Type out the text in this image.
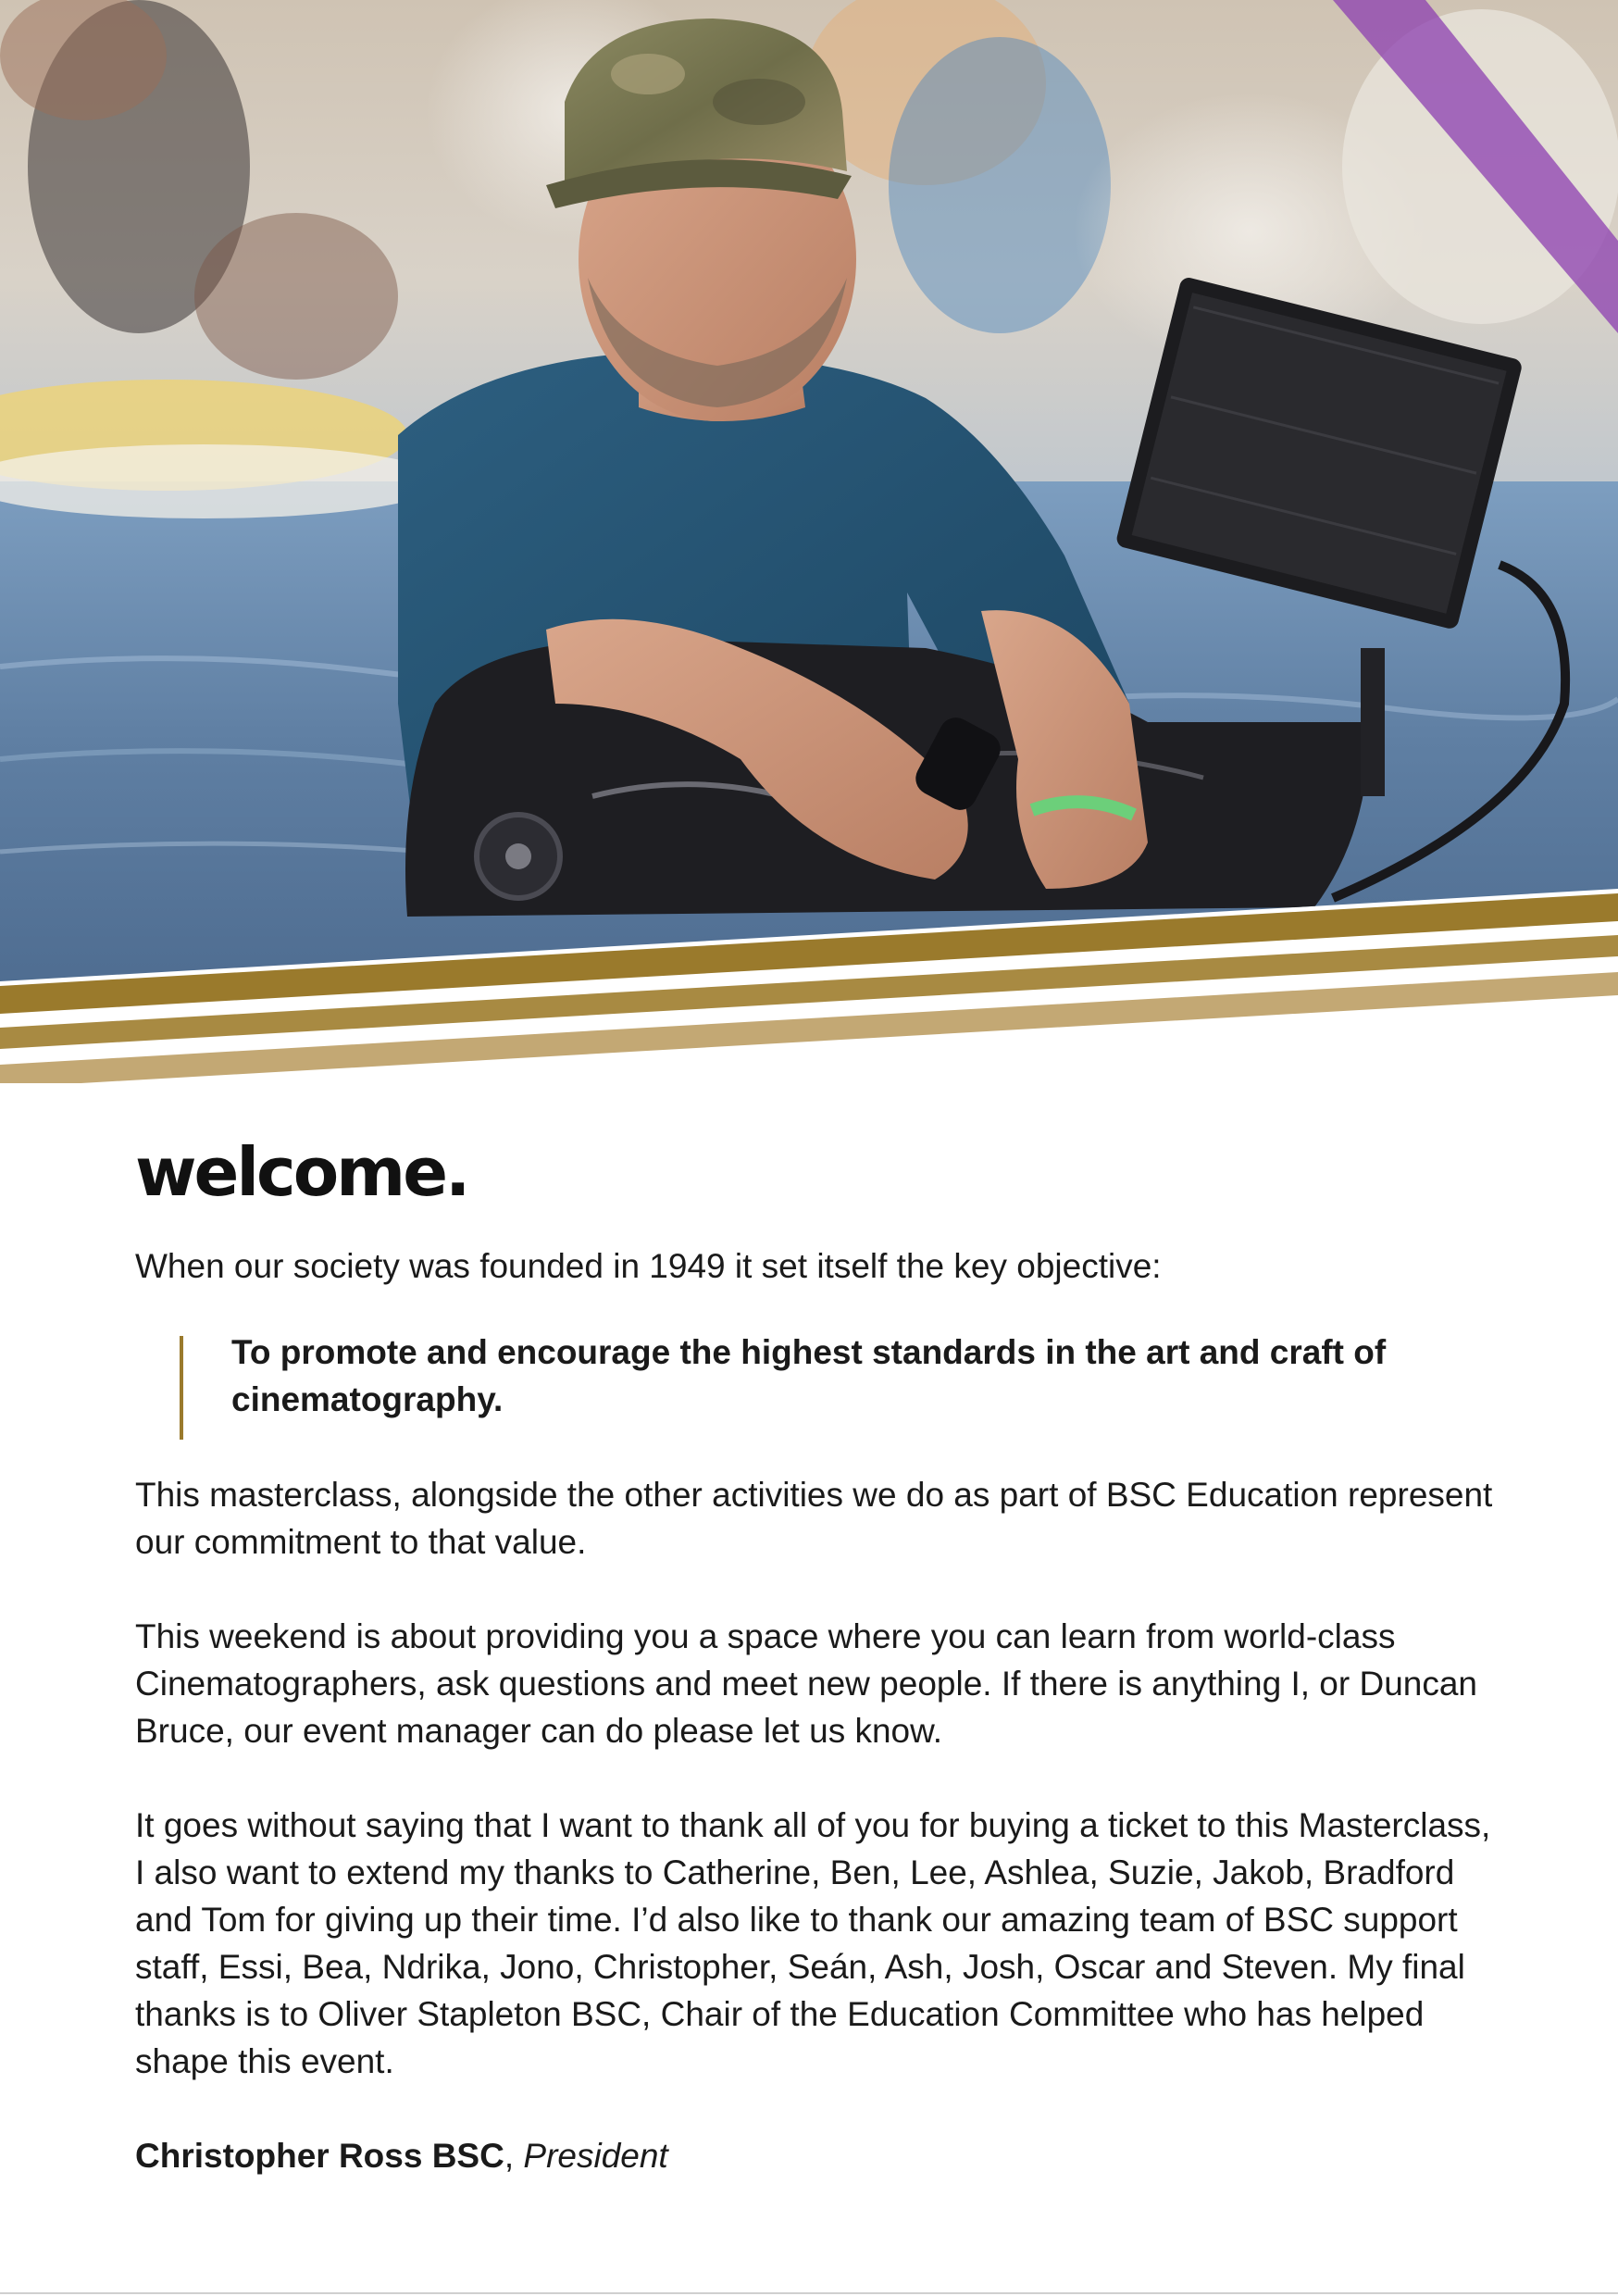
welcome.

When our society was founded in 1949 it set itself the key objective:

To promote and encourage the highest standards in the art and craft of cinematography.

This masterclass, alongside the other activities we do as part of BSC Education represent our commitment to that value.

This weekend is about providing you a space where you can learn from world-class Cinematographers, ask questions and meet new people. If there is anything I, or Duncan Bruce, our event manager can do please let us know.

It goes without saying that I want to thank all of you for buying a ticket to this Masterclass, I also want to extend my thanks to Catherine, Ben, Lee, Ashlea, Suzie, Jakob, Bradford and Tom for giving up their time. I’d also like to thank our amazing team of BSC support staff, Essi, Bea, Ndrika, Jono, Christopher, Seán, Ash, Josh, Oscar and Steven. My final thanks is to Oliver Stapleton BSC, Chair of the Education Committee who has helped shape this event.

Christopher Ross BSC, President
